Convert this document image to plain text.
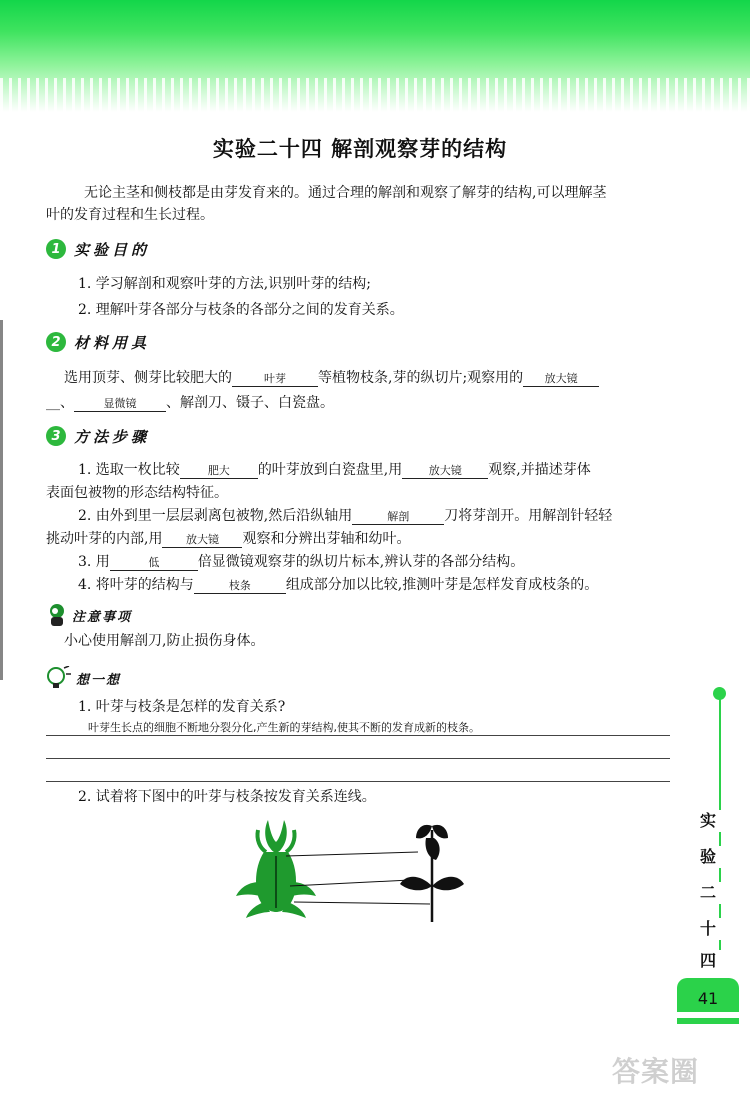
实验二十四 解剖观察芽的结构
无论主茎和侧枝都是由芽发育来的。通过合理的解剖和观察了解芽的结构,可以理解茎
叶的发育过程和生长过程。
1 实验目的
1. 学习解剖和观察叶芽的方法,识别叶芽的结构;
2. 理解叶芽各部分与枝条的各部分之间的发育关系。
2 材料用具
选用顶芽、侧芽比较肥大的	叶芽 等植物枝条,芽的纵切片;观察用的 放大镜
__、	显微镜 、解剖刀、镊子、白瓷盘。
3 方法步骤
1. 选取一枚比较	肥大 的叶芽放到白瓷盘里,用 放大镜 观察,并描述芽体
表面包被物的形态结构特征。
2. 由外到里一层层剥离包被物,然后沿纵轴用	解剖	刀将芽剖开。用解剖针轻轻
挑动叶芽的内部,用 放大镜 观察和分辨出芽轴和幼叶。
3. 用	低	倍显微镜观察芽的纵切片标本,辨认芽的各部分结构。
4. 将叶芽的结构与	枝条	组成部分加以比较,推测叶芽是怎样发育成枝条的。
注意事项
小心使用解剖刀,防止损伤身体。
想一想
1. 叶芽与枝条是怎样的发育关系?
叶芽生长点的细胞不断地分裂分化,产生新的芽结构,使其不断的发育成新的枝条。
2. 试着将下图中的叶芽与枝条按发育关系连线。
实
验
二
十
四
41
答案圈
